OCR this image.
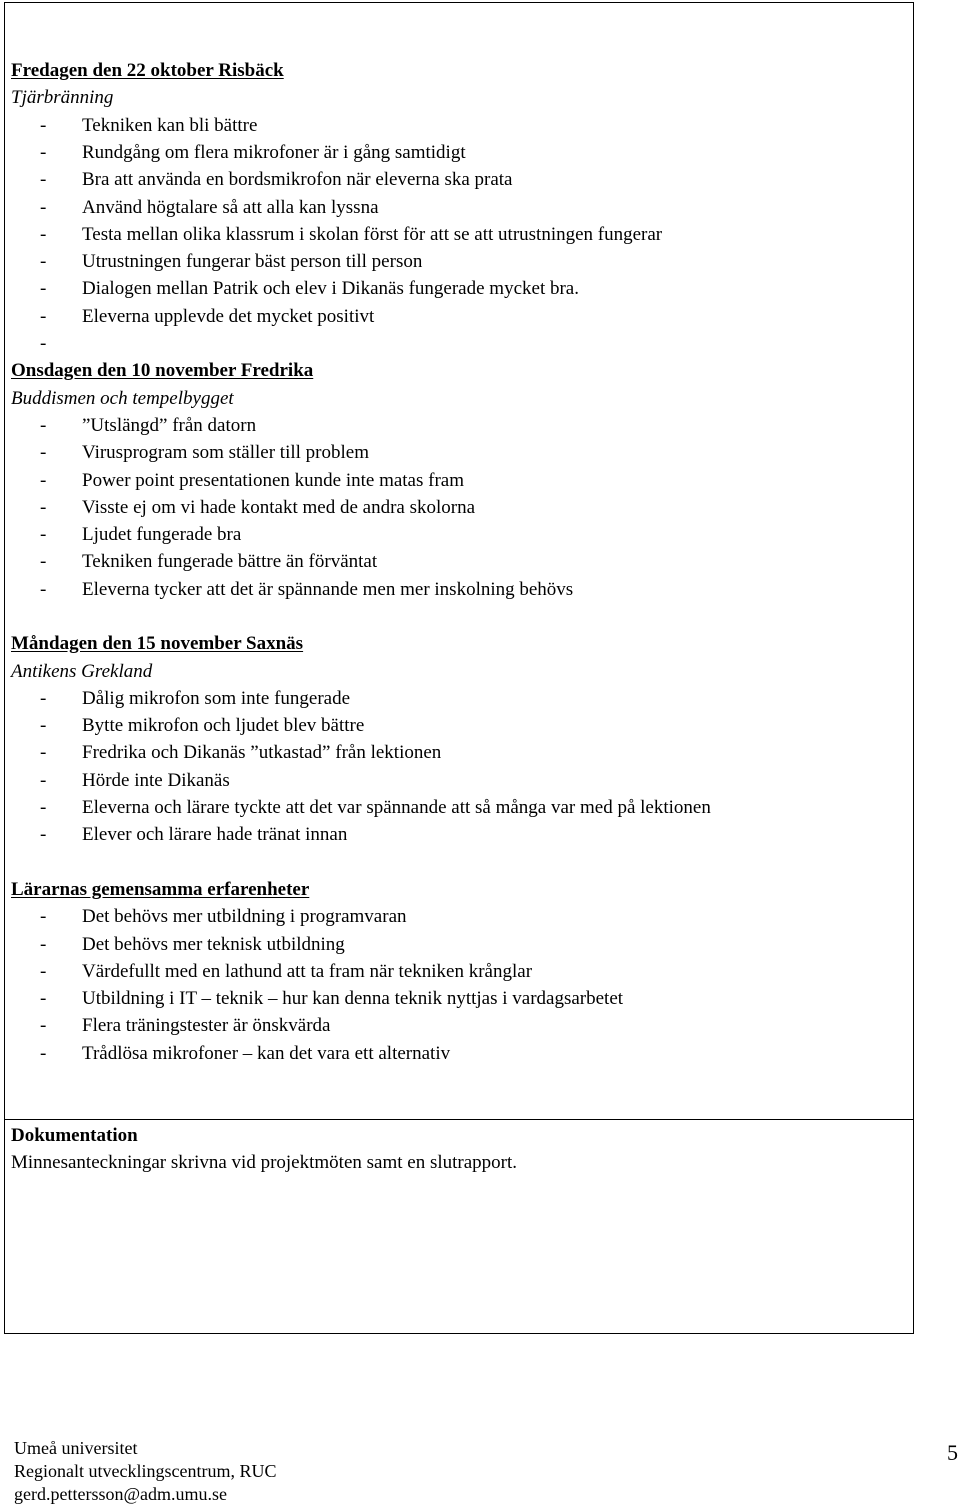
Fredagen den 22 oktober Risbäck
Tjärbränning
- Tekniken kan bli bättre
- Rundgång om flera mikrofoner är i gång samtidigt
- Bra att använda en bordsmikrofon när eleverna ska prata
- Använd högtalare så att alla kan lyssna
- Testa mellan olika klassrum i skolan först för att se att utrustningen fungerar
- Utrustningen fungerar bäst person till person
- Dialogen mellan Patrik och elev i Dikanäs fungerade mycket bra.
- Eleverna upplevde det mycket positivt
-
Onsdagen den 10 november Fredrika
Buddismen och tempelbygget
- ”Utslängd” från datorn
- Virusprogram som ställer till problem
- Power point presentationen kunde inte matas fram
- Visste ej om vi hade kontakt med de andra skolorna
- Ljudet fungerade bra
- Tekniken fungerade bättre än förväntat
- Eleverna tycker att det är spännande men mer inskolning behövs
Måndagen den 15 november Saxnäs
Antikens Grekland
- Dålig mikrofon som inte fungerade
- Bytte mikrofon och ljudet blev bättre
- Fredrika och Dikanäs ”utkastad” från lektionen
- Hörde inte Dikanäs
- Eleverna och lärare tyckte att det var spännande att så många var med på lektionen
- Elever och lärare hade tränat innan
Lärarnas gemensamma erfarenheter
- Det behövs mer utbildning i programvaran
- Det behövs mer teknisk utbildning
- Värdefullt med en lathund att ta fram när tekniken krånglar
- Utbildning i IT – teknik – hur kan denna teknik nyttjas i vardagsarbetet
- Flera träningstester är önskvärda
- Trådlösa mikrofoner – kan det vara ett alternativ
Dokumentation
Minnesanteckningar skrivna vid projektmöten samt en slutrapport.
Umeå universitet
Regionalt utvecklingscentrum, RUC
gerd.pettersson@adm.umu.se
5
